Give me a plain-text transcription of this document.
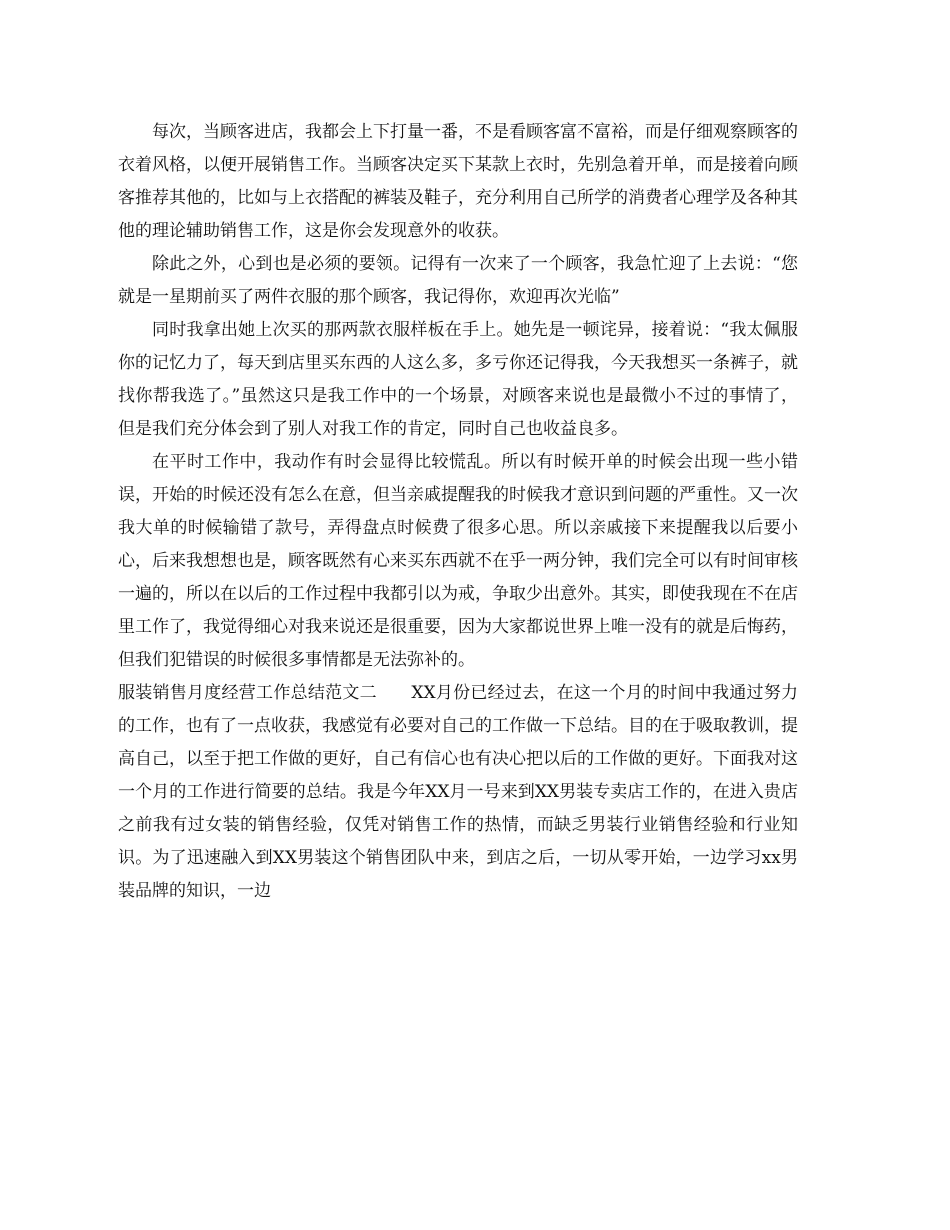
每次，当顾客进店，我都会上下打量一番，不是看顾客富不富裕，而是仔细观察顾客的衣着风格，以便开展销售工作。当顾客决定买下某款上衣时，先别急着开单，而是接着向顾客推荐其他的，比如与上衣搭配的裤装及鞋子，充分利用自己所学的消费者心理学及各种其他的理论辅助销售工作，这是你会发现意外的收获。

除此之外，心到也是必须的要领。记得有一次来了一个顾客，我急忙迎了上去说：“您就是一星期前买了两件衣服的那个顾客，我记得你，欢迎再次光临”

同时我拿出她上次买的那两款衣服样板在手上。她先是一顿诧异，接着说：“我太佩服你的记忆力了，每天到店里买东西的人这么多，多亏你还记得我，今天我想买一条裤子，就找你帮我选了。”虽然这只是我工作中的一个场景，对顾客来说也是最微小不过的事情了，但是我们充分体会到了别人对我工作的肯定，同时自己也收益良多。

在平时工作中，我动作有时会显得比较慌乱。所以有时候开单的时候会出现一些小错误，开始的时候还没有怎么在意，但当亲戚提醒我的时候我才意识到问题的严重性。又一次我大单的时候输错了款号，弄得盘点时候费了很多心思。所以亲戚接下来提醒我以后要小心，后来我想想也是，顾客既然有心来买东西就不在乎一两分钟，我们完全可以有时间审核一遍的，所以在以后的工作过程中我都引以为戒，争取少出意外。其实，即使我现在不在店里工作了，我觉得细心对我来说还是很重要，因为大家都说世界上唯一没有的就是后悔药，但我们犯错误的时候很多事情都是无法弥补的。

服装销售月度经营工作总结范文二　　XX月份已经过去，在这一个月的时间中我通过努力的工作，也有了一点收获，我感觉有必要对自己的工作做一下总结。目的在于吸取教训，提高自己，以至于把工作做的更好，自己有信心也有决心把以后的工作做的更好。下面我对这一个月的工作进行简要的总结。我是今年XX月一号来到XX男装专卖店工作的，在进入贵店之前我有过女装的销售经验，仅凭对销售工作的热情，而缺乏男装行业销售经验和行业知识。为了迅速融入到XX男装这个销售团队中来，到店之后，一切从零开始，一边学习xx男装品牌的知识，一边
